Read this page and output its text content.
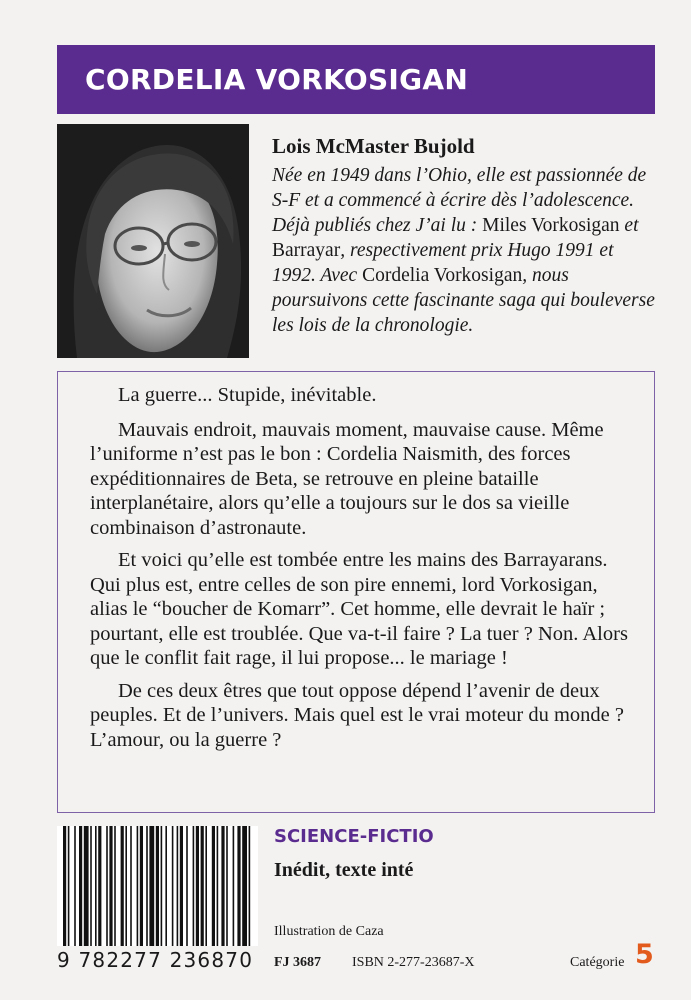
CORDELIA VORKOSIGAN
Lois McMaster Bujold
Née en 1949 dans l’Ohio, elle est passionnée de S-F et a commencé à écrire dès l’adolescence. Déjà publiés chez J’ai lu : Miles Vorkosigan et Barrayar, respectivement prix Hugo 1991 et 1992. Avec Cordelia Vorkosigan, nous poursuivons cette fascinante saga qui bouleverse les lois de la chronologie.

La guerre... Stupide, inévitable.

Mauvais endroit, mauvais moment, mauvaise cause. Même l’uniforme n’est pas le bon : Cordelia Naismith, des forces expéditionnaires de Beta, se retrouve en pleine bataille interplanétaire, alors qu’elle a toujours sur le dos sa vieille combinaison d’astronaute.

Et voici qu’elle est tombée entre les mains des Barrayarans. Qui plus est, entre celles de son pire ennemi, lord Vorkosigan, alias le “boucher de Komarr”. Cet homme, elle devrait le haïr ; pourtant, elle est troublée. Que va-t-il faire ? La tuer ? Non. Alors que le conflit fait rage, il lui propose... le mariage !

De ces deux êtres que tout oppose dépend l’avenir de deux peuples. Et de l’univers. Mais quel est le vrai moteur du monde ? L’amour, ou la guerre ?

9 782277 236870
SCIENCE-FICTIO
Inédit, texte inté
Illustration de Caza
FJ 3687 ISBN 2-277-23687-X	Catégorie 5
